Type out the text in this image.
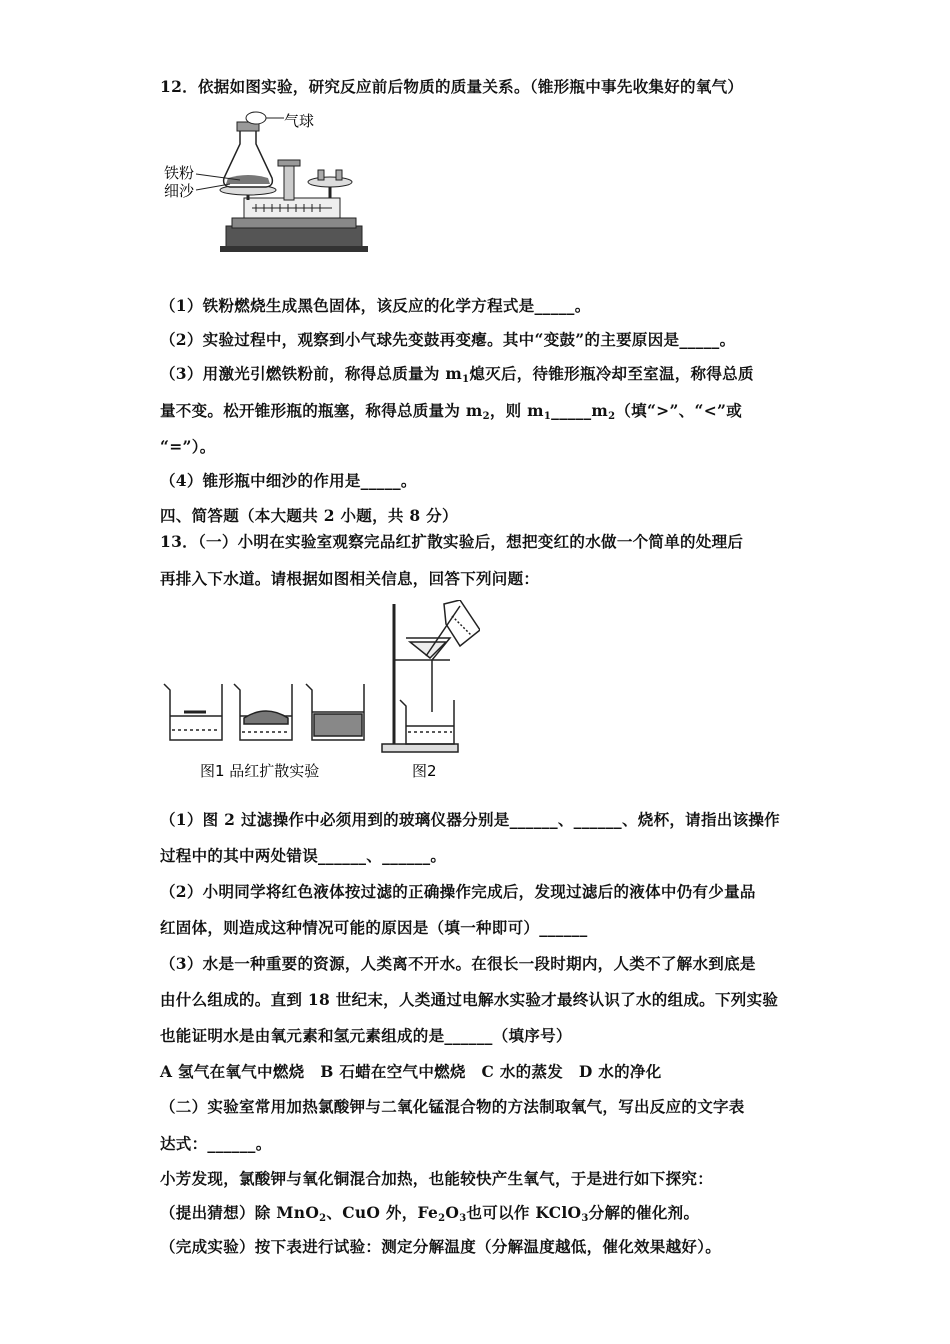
12．依据如图实验，研究反应前后物质的质量关系。（锥形瓶中事先收集好的氧气）
气球
铁粉
细沙
（1）铁粉燃烧生成黑色固体，该反应的化学方程式是_____。
（2）实验过程中，观察到小气球先变鼓再变瘪。其中“变鼓”的主要原因是_____。
（3）用激光引燃铁粉前，称得总质量为 $m_1$熄灭后，待锥形瓶冷却至室温，称得总质
量不变。松开锥形瓶的瓶塞，称得总质量为 $m_2$，则 $m_1\_\_\_\_\_m_2$（填“>”、“<”或
“=”）。
（4）锥形瓶中细沙的作用是_____。
四、简答题（本大题共 2 小题，共 8 分）
13．（一）小明在实验室观察完品红扩散实验后，想把变红的水做一个简单的处理后
再排入下水道。请根据如图相关信息，回答下列问题：
图1 品红扩散实验	图2
（1）图 2 过滤操作中必须用到的玻璃仪器分别是______、______、烧杯，请指出该操作
过程中的其中两处错误______、______。
（2）小明同学将红色液体按过滤的正确操作完成后，发现过滤后的液体中仍有少量品
红固体，则造成这种情况可能的原因是（填一种即可）______
（3）水是一种重要的资源，人类离不开水。在很长一段时期内，人类不了解水到底是
由什么组成的。直到 18 世纪末，人类通过电解水实验才最终认识了水的组成。下列实验
也能证明水是由氧元素和氢元素组成的是______（填序号）
A 氢气在氧气中燃烧　B 石蜡在空气中燃烧　C 水的蒸发　D 水的净化
（二）实验室常用加热氯酸钾与二氧化锰混合物的方法制取氧气，写出反应的文字表
达式：______。
小芳发现，氯酸钾与氧化铜混合加热，也能较快产生氧气，于是进行如下探究：
（提出猜想）除 MnO$_2$、CuO 外，$Fe_2O_3$也可以作 KClO$_3$分解的催化剂。
（完成实验）按下表进行试验：测定分解温度（分解温度越低，催化效果越好）。
